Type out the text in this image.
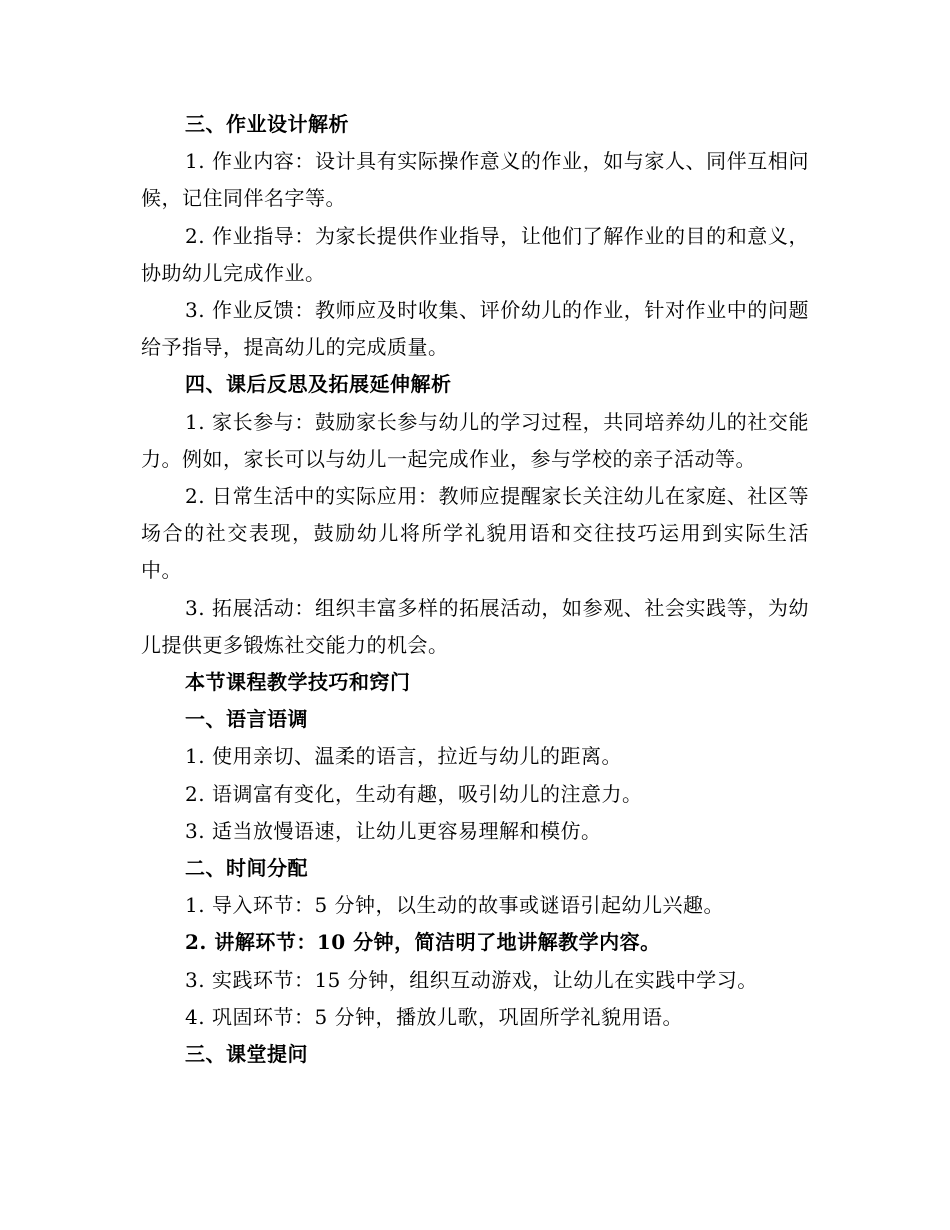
三、作业设计解析

1. 作业内容：设计具有实际操作意义的作业，如与家人、同伴互相问候，记住同伴名字等。

2. 作业指导：为家长提供作业指导，让他们了解作业的目的和意义，协助幼儿完成作业。

3. 作业反馈：教师应及时收集、评价幼儿的作业，针对作业中的问题给予指导，提高幼儿的完成质量。

四、课后反思及拓展延伸解析

1. 家长参与：鼓励家长参与幼儿的学习过程，共同培养幼儿的社交能力。例如，家长可以与幼儿一起完成作业，参与学校的亲子活动等。

2. 日常生活中的实际应用：教师应提醒家长关注幼儿在家庭、社区等场合的社交表现，鼓励幼儿将所学礼貌用语和交往技巧运用到实际生活中。

3. 拓展活动：组织丰富多样的拓展活动，如参观、社会实践等，为幼儿提供更多锻炼社交能力的机会。

本节课程教学技巧和窍门

一、语言语调

1. 使用亲切、温柔的语言，拉近与幼儿的距离。

2. 语调富有变化，生动有趣，吸引幼儿的注意力。

3. 适当放慢语速，让幼儿更容易理解和模仿。

二、时间分配

1. 导入环节：5 分钟，以生动的故事或谜语引起幼儿兴趣。

2. 讲解环节：10 分钟，简洁明了地讲解教学内容。

3. 实践环节：15 分钟，组织互动游戏，让幼儿在实践中学习。

4. 巩固环节：5 分钟，播放儿歌，巩固所学礼貌用语。

三、课堂提问
